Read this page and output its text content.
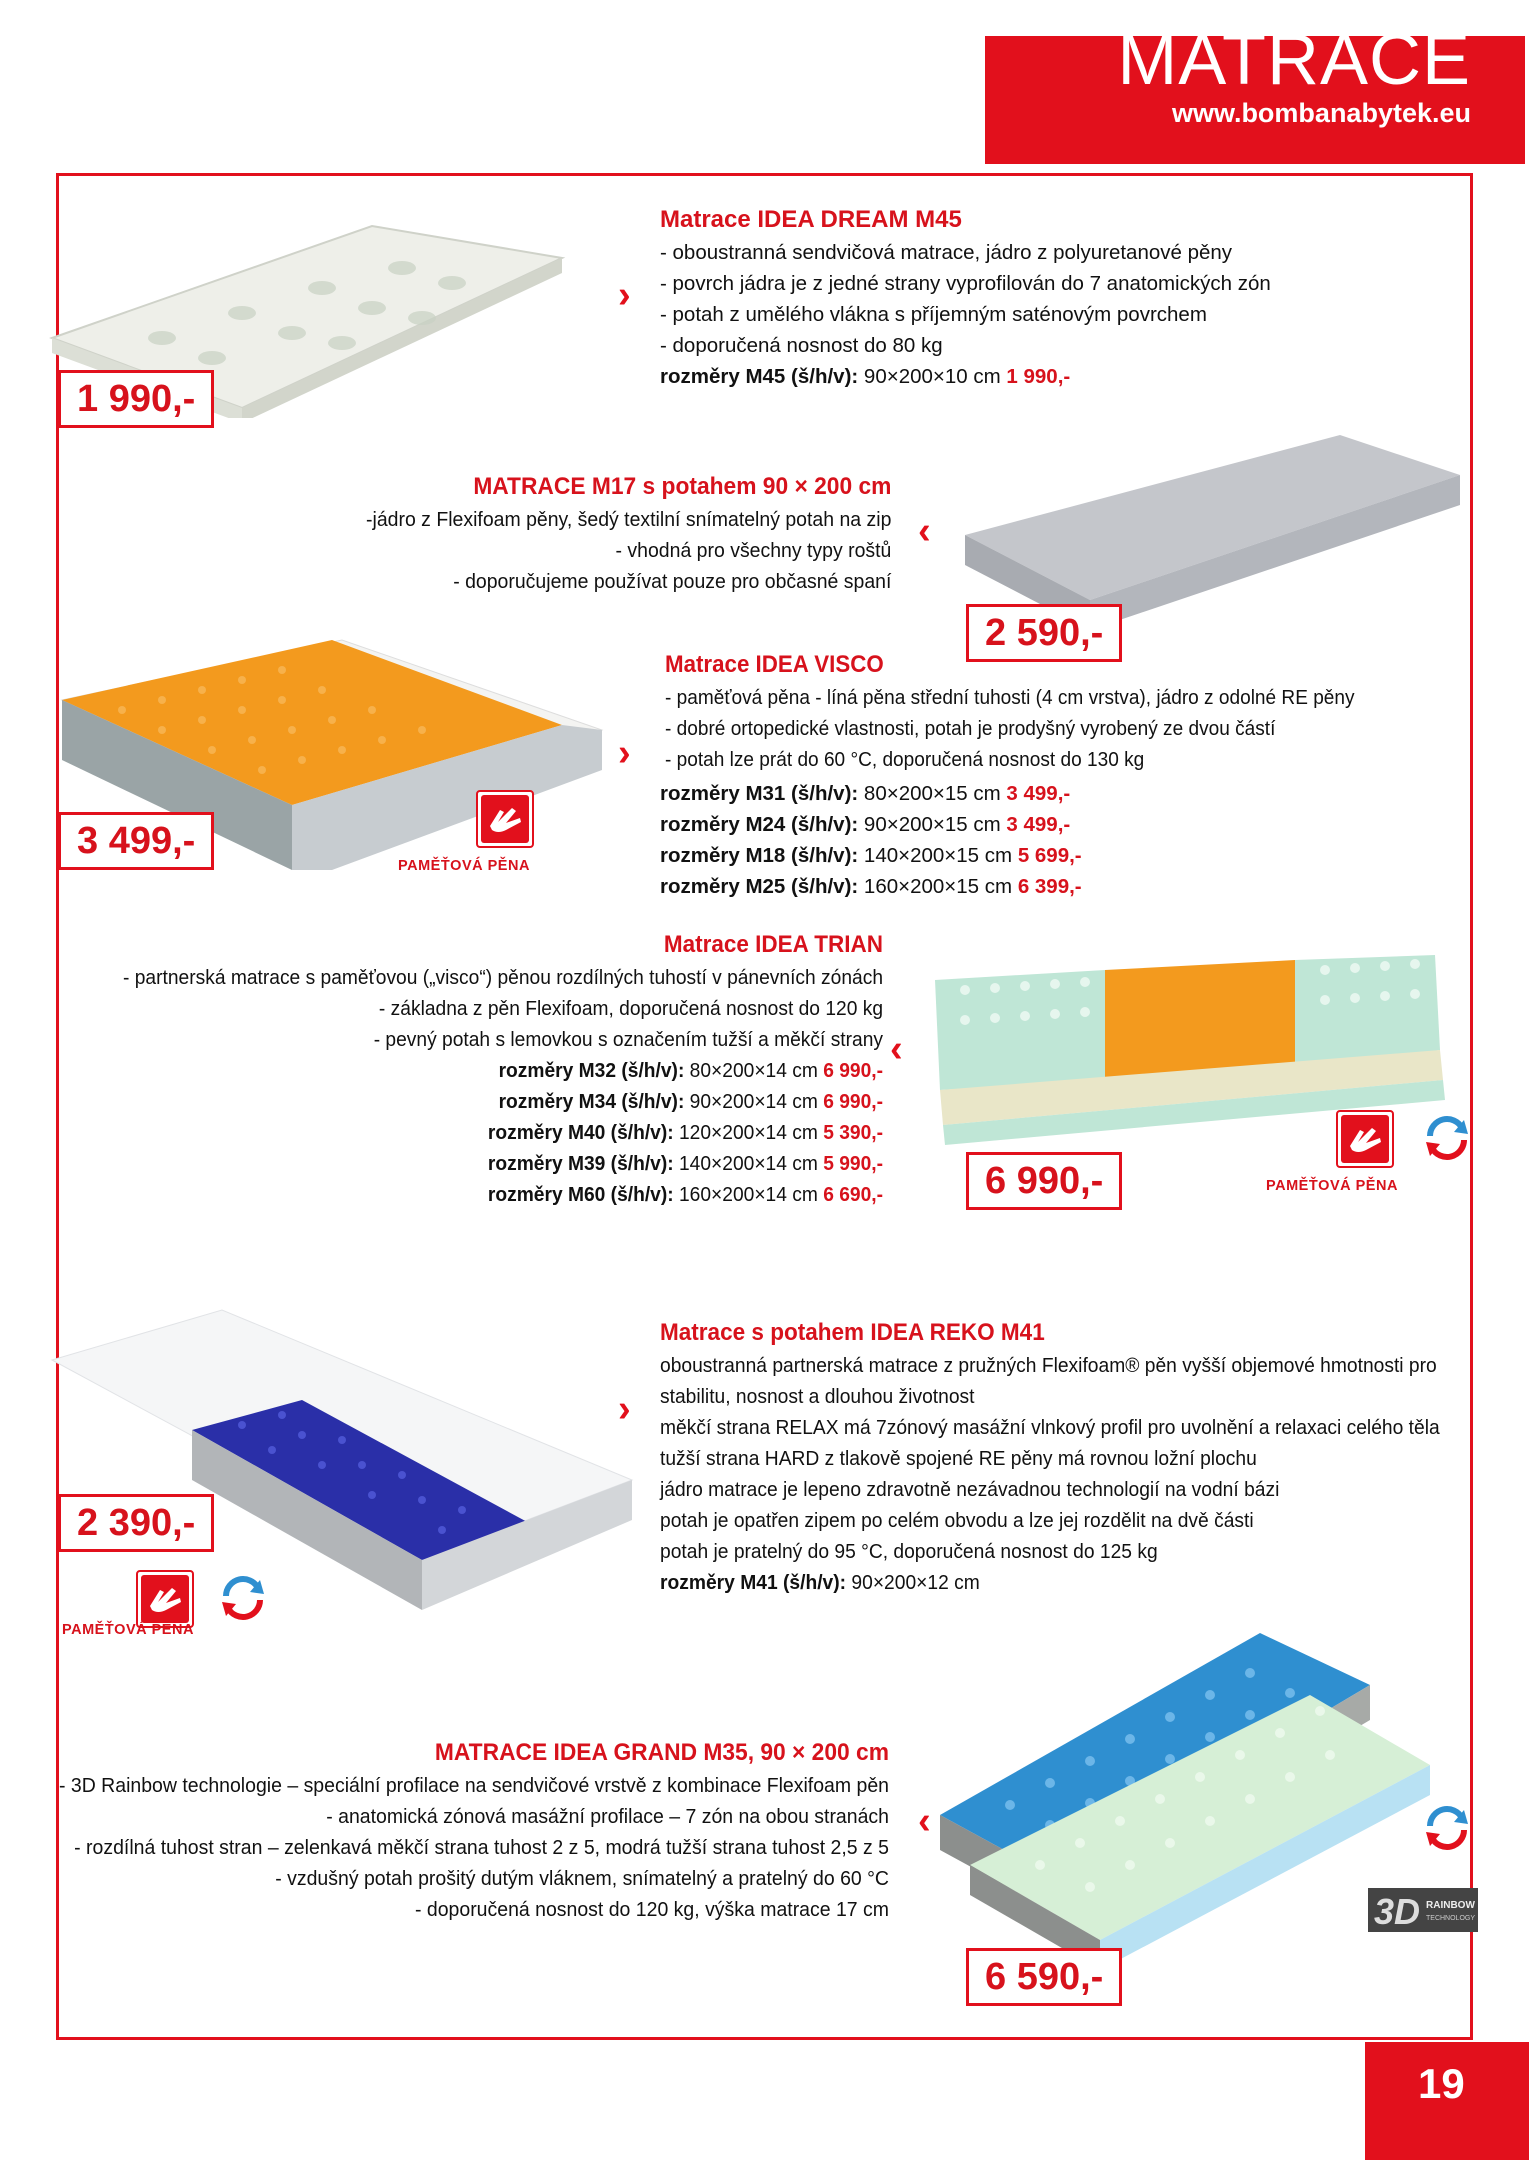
MATRACE
www.bombanabytek.eu
1 990,-
›
Matrace IDEA DREAM M45
- oboustranná sendvičová matrace, jádro z polyuretanové pěny
- povrch jádra je z jedné strany vyprofilován do 7 anatomických zón
- potah z umělého vlákna s příjemným saténovým povrchem
- doporučená nosnost do 80 kg
rozměry M45 (š/h/v): 90×200×10 cm 1 990,-
MATRACE M17 s potahem 90 × 200 cm
-jádro z Flexifoam pěny, šedý textilní snímatelný potah na zip
- vhodná pro všechny typy roštů
- doporučujeme používat pouze pro občasné spaní
‹
2 590,-
3 499,-
PAMĚŤOVÁ PĚNA
›
Matrace IDEA VISCO
- paměťová pěna - líná pěna střední tuhosti (4 cm vrstva), jádro z odolné RE pěny
- dobré ortopedické vlastnosti, potah je prodyšný vyrobený ze dvou částí
- potah lze prát do 60 °C, doporučená nosnost do 130 kg
rozměry M31 (š/h/v): 80×200×15 cm 3 499,-
rozměry M24 (š/h/v): 90×200×15 cm 3 499,-
rozměry M18 (š/h/v): 140×200×15 cm 5 699,-
rozměry M25 (š/h/v): 160×200×15 cm 6 399,-
Matrace IDEA TRIAN
- partnerská matrace s paměťovou („visco“) pěnou rozdílných tuhostí v pánevních zónách
- základna z pěn Flexifoam, doporučená nosnost do 120 kg
- pevný potah s lemovkou s označením tužší a měkčí strany
rozměry M32 (š/h/v): 80×200×14 cm 6 990,-
rozměry M34 (š/h/v): 90×200×14 cm 6 990,-
rozměry M40 (š/h/v): 120×200×14 cm 5 390,-
rozměry M39 (š/h/v): 140×200×14 cm 5 990,-
rozměry M60 (š/h/v): 160×200×14 cm 6 690,-
‹
6 990,-	PAMĚŤOVÁ PĚNA
2 390,-
PAMĚŤOVÁ PĚNA
›
Matrace s potahem IDEA REKO M41
oboustranná partnerská matrace z pružných Flexifoam® pěn vyšší objemové hmotnosti pro
stabilitu, nosnost a dlouhou životnost
měkčí strana RELAX má 7zónový masážní vlnkový profil pro uvolnění a relaxaci celého těla
tužší strana HARD z tlakově spojené RE pěny má rovnou ložní plochu
jádro matrace je lepeno zdravotně nezávadnou technologií na vodní bázi
potah je opatřen zipem po celém obvodu a lze jej rozdělit na dvě části
potah je pratelný do 95 °C, doporučená nosnost do 125 kg
rozměry M41 (š/h/v): 90×200×12 cm
MATRACE IDEA GRAND M35, 90 × 200 cm
- 3D Rainbow technologie – speciální profilace na sendvičové vrstvě z kombinace Flexifoam pěn
- anatomická zónová masážní profilace – 7 zón na obou stranách
- rozdílná tuhost stran – zelenkavá měkčí strana tuhost 2 z 5, modrá tužší strana tuhost 2,5 z 5
- vzdušný potah prošitý dutým vláknem, snímatelný a pratelný do 60 °C
- doporučená nosnost do 120 kg, výška matrace 17 cm
‹
3D RAINBOW
TECHNOLOGY
6 590,-
19
